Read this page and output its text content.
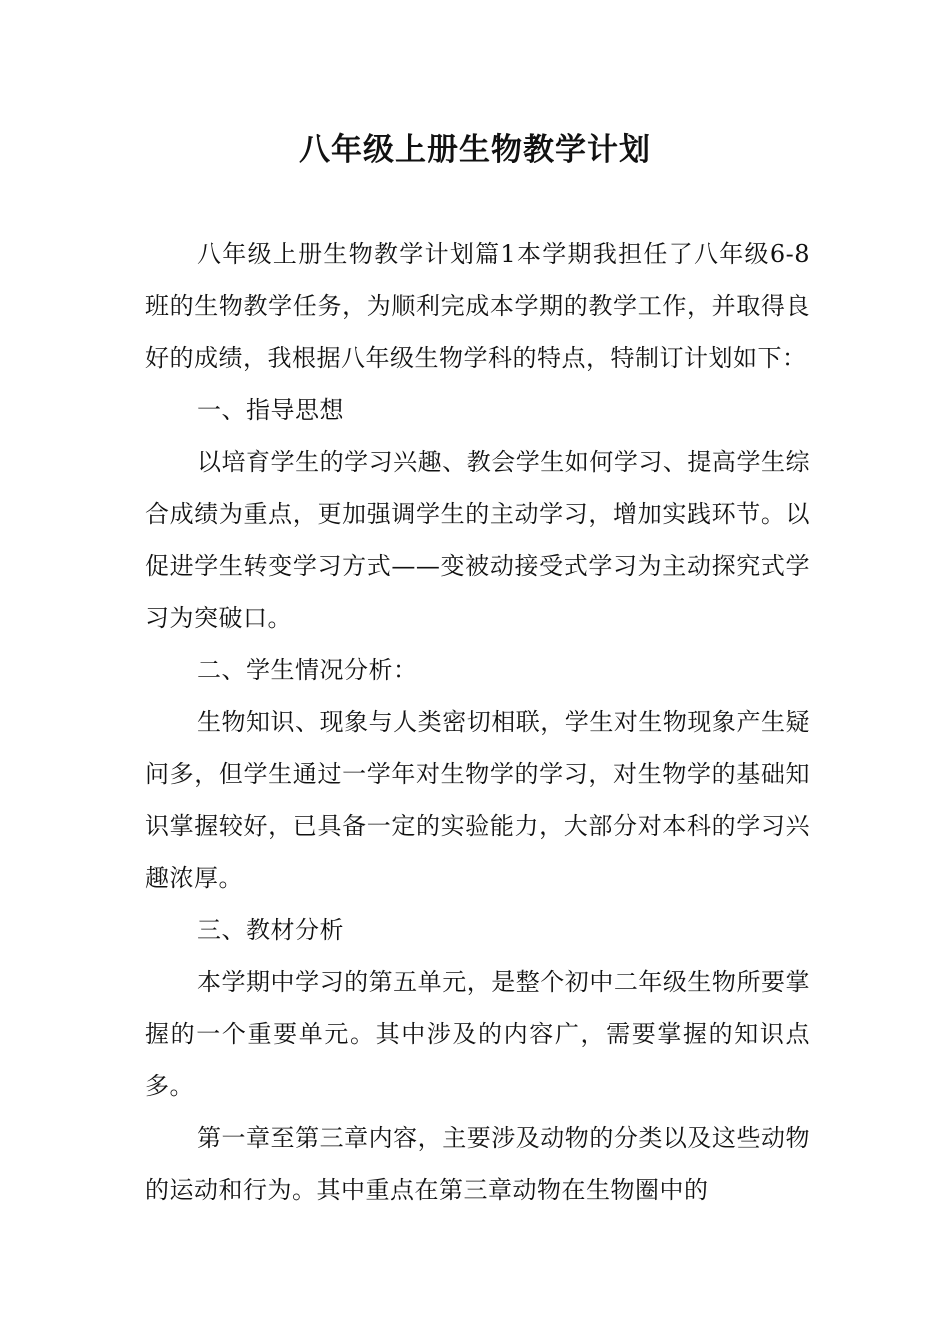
八年级上册生物教学计划

八年级上册生物教学计划篇1本学期我担任了八年级6-8班的生物教学任务，为顺利完成本学期的教学工作，并取得良好的成绩，我根据八年级生物学科的特点，特制订计划如下：

一、指导思想

以培育学生的学习兴趣、教会学生如何学习、提高学生综合成绩为重点，更加强调学生的主动学习，增加实践环节。以促进学生转变学习方式——变被动接受式学习为主动探究式学习为突破口。

二、学生情况分析：

生物知识、现象与人类密切相联，学生对生物现象产生疑问多，但学生通过一学年对生物学的学习，对生物学的基础知识掌握较好，已具备一定的实验能力，大部分对本科的学习兴趣浓厚。

三、教材分析

本学期中学习的第五单元，是整个初中二年级生物所要掌握的一个重要单元。其中涉及的内容广，需要掌握的知识点多。

第一章至第三章内容，主要涉及动物的分类以及这些动物的运动和行为。其中重点在第三章动物在生物圈中的
